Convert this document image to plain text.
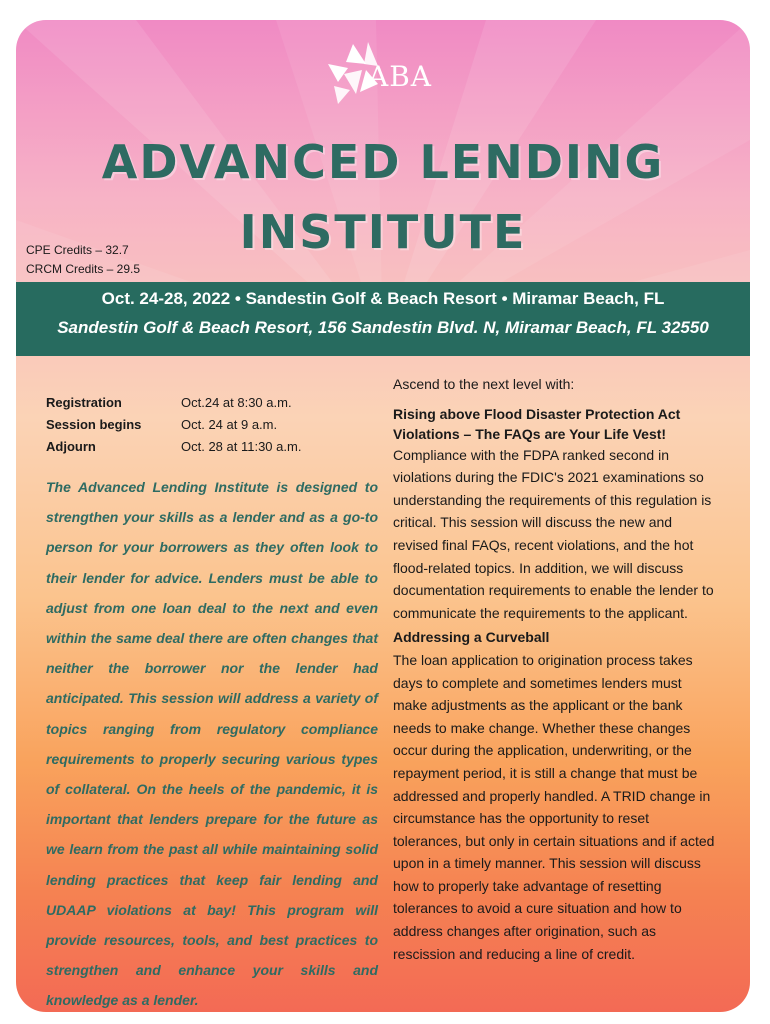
ABA
ADVANCED LENDING
INSTITUTE
CPE Credits – 32.7
CRCM Credits – 29.5
Oct. 24-28, 2022 • Sandestin Golf & Beach Resort • Miramar Beach, FL
Sandestin Golf & Beach Resort, 156 Sandestin Blvd. N, Miramar Beach, FL 32550
Registration	Oct.24 at 8:30 a.m.
Session begins	Oct. 24 at 9 a.m.
Adjourn	Oct. 28 at 11:30 a.m.
The Advanced Lending Institute is designed to strengthen your skills as a lender and as a go-to person for your borrowers as they often look to their lender for advice. Lenders must be able to adjust from one loan deal to the next and even within the same deal there are often changes that neither the borrower nor the lender had anticipated. This session will address a variety of topics ranging from regulatory compliance requirements to properly securing various types of collateral. On the heels of the pandemic, it is important that lenders prepare for the future as we learn from the past all while maintaining solid lending practices that keep fair lending and UDAAP violations at bay! This program will provide resources, tools, and best practices to strengthen and enhance your skills and knowledge as a lender.

Ascend to the next level with:

Rising above Flood Disaster Protection Act Violations – The FAQs are Your Life Vest!

Compliance with the FDPA ranked second in violations during the FDIC's 2021 examinations so understanding the requirements of this regulation is critical. This session will discuss the new and revised final FAQs, recent violations, and the hot flood-related topics. In addition, we will discuss documentation requirements to enable the lender to communicate the requirements to the applicant.

Addressing a Curveball

The loan application to origination process takes days to complete and sometimes lenders must make adjustments as the applicant or the bank needs to make change. Whether these changes occur during the application, underwriting, or the repayment period, it is still a change that must be addressed and properly handled. A TRID change in circumstance has the opportunity to reset tolerances, but only in certain situations and if acted upon in a timely manner. This session will discuss how to properly take advantage of resetting tolerances to avoid a cure situation and how to address changes after origination, such as rescission and reducing a line of credit.
